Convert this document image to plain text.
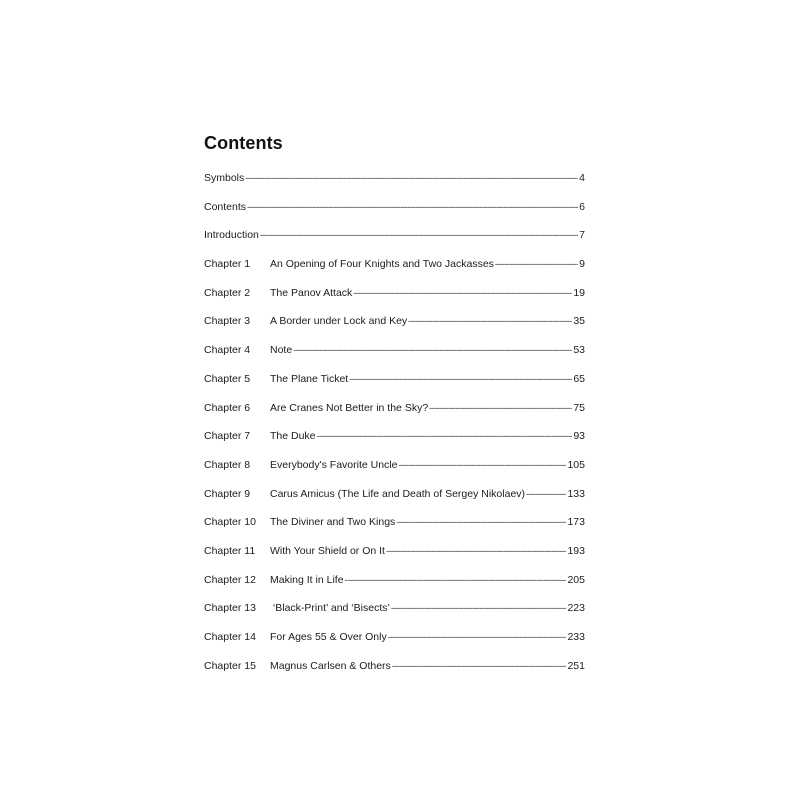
Contents
Symbols -----	4
Contents -----	6
Introduction -----	7
Chapter 1	An Opening of Four Knights and Two Jackasses -----	9
Chapter 2	The Panov Attack -----	19
Chapter 3	A Border under Lock and Key -----	35
Chapter 4	Note -----	53
Chapter 5	The Plane Ticket -----	65
Chapter 6	Are Cranes Not Better in the Sky? -----	75
Chapter 7	The Duke -----	93
Chapter 8	Everybody's Favorite Uncle -----	105
Chapter 9	Carus Amicus (The Life and Death of Sergey Nikolaev) -----	133
Chapter 10	The Diviner and Two Kings -----	173
Chapter 11	With Your Shield or On It -----	193
Chapter 12	Making It in Life -----	205
Chapter 13	‘Black-Print’ and ‘Bisects’ -----	223
Chapter 14	For Ages 55 & Over Only -----	233
Chapter 15	Magnus Carlsen & Others -----	251
